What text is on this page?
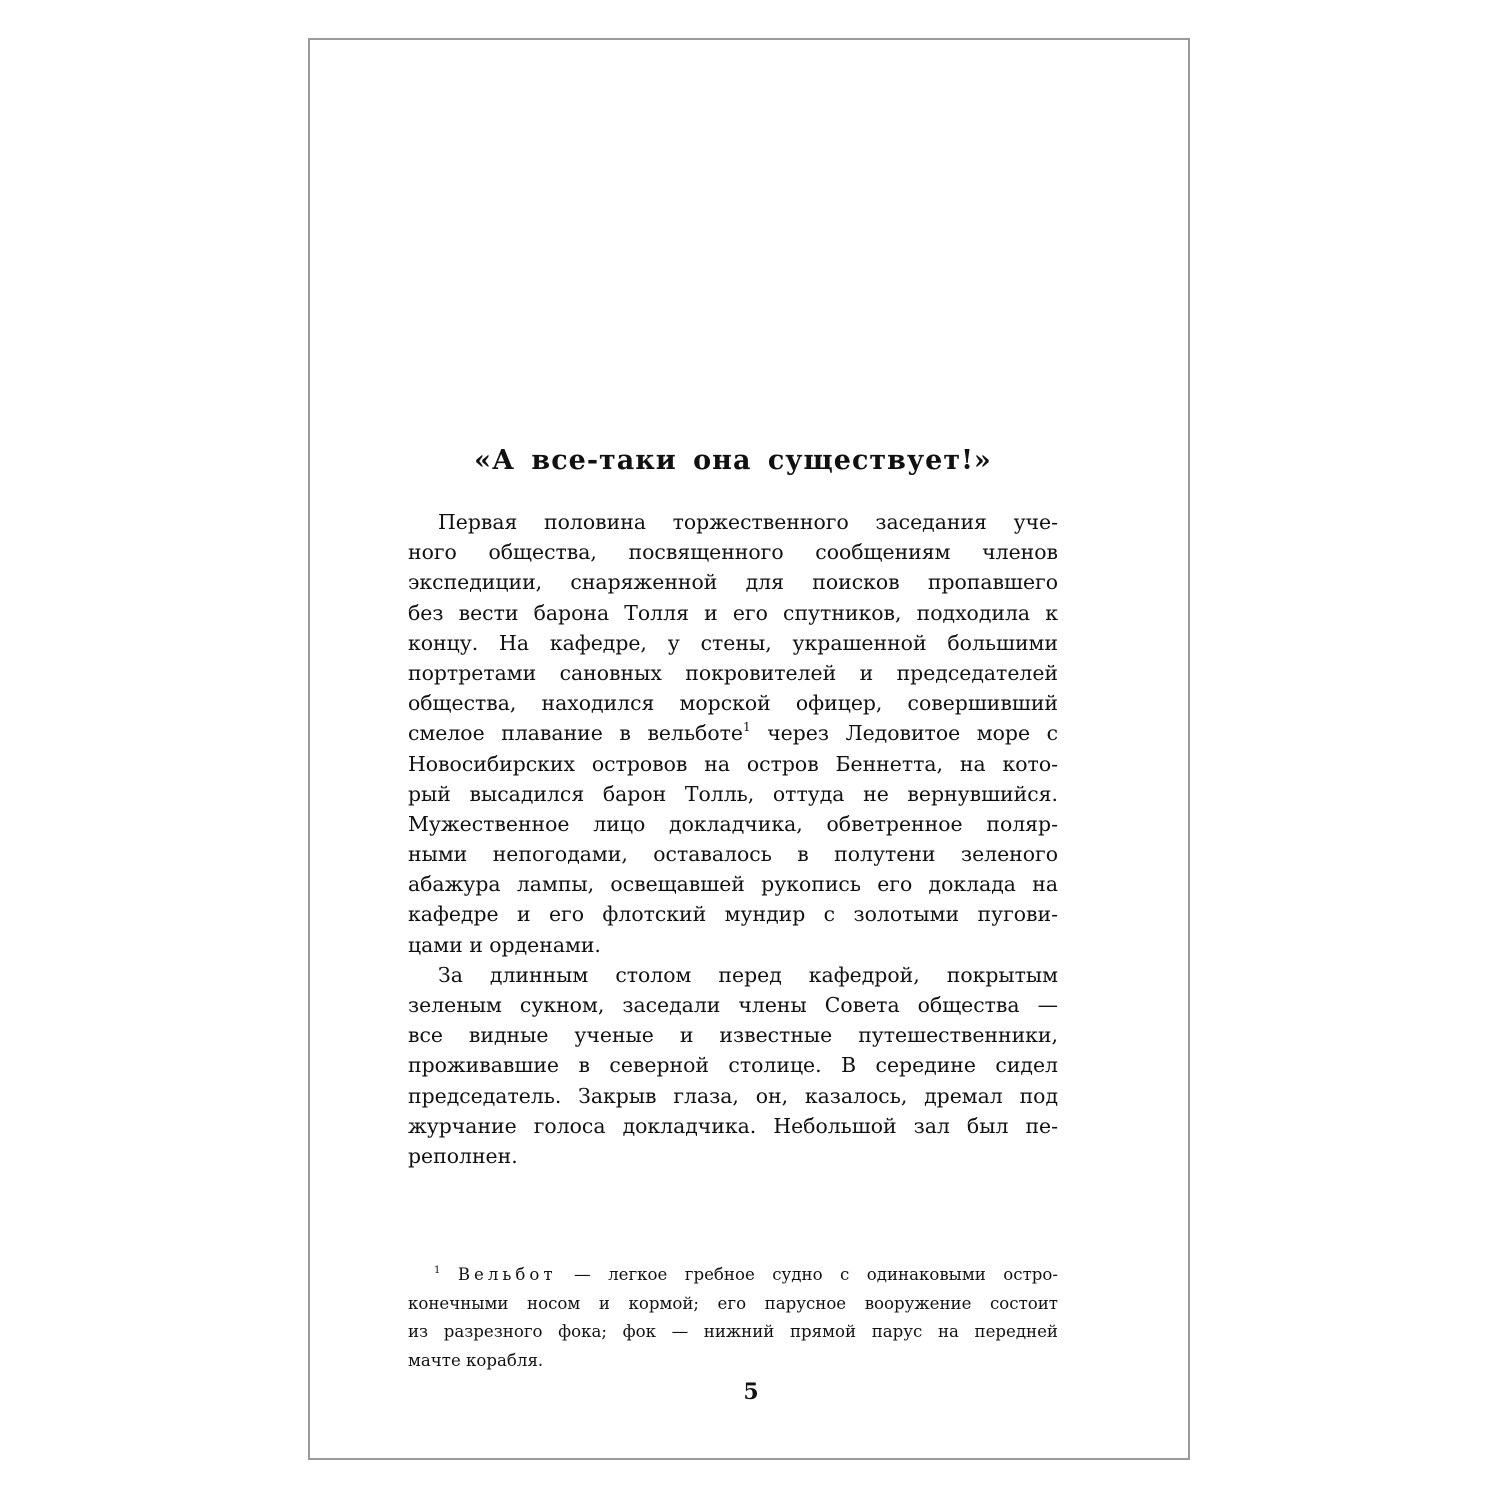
«А все-таки она существует!»
Первая половина торжественного заседания уче-
ного общества, посвященного сообщениям членов
экспедиции, снаряженной для поисков пропавшего
без вести барона Толля и его спутников, подходила к
концу. На кафедре, у стены, украшенной большими
портретами сановных покровителей и председателей
общества, находился морской офицер, совершивший
смелое плавание в вельботе$^1$ через Ледовитое море с
Новосибирских островов на остров Беннетта, на кото-
рый высадился барон Толль, оттуда не вернувшийся.
Мужественное лицо докладчика, обветренное поляр-
ными непогодами, оставалось в полутени зеленого
абажура лампы, освещавшей рукопись его доклада на
кафедре и его флотский мундир с золотыми пугови-
цами и орденами.
За длинным столом перед кафедрой, покрытым
зеленым сукном, заседали члены Совета общества —
все видные ученые и известные путешественники,
проживавшие в северной столице. В середине сидел
председатель. Закрыв глаза, он, казалось, дремал под
журчание голоса докладчика. Небольшой зал был пе-
реполнен.
$^1$ Вельбот — легкое гребное судно с одинаковыми остро-
конечными носом и кормой; его парусное вооружение состоит
из разрезного фока; фок — нижний прямой парус на передней
мачте корабля.
5
